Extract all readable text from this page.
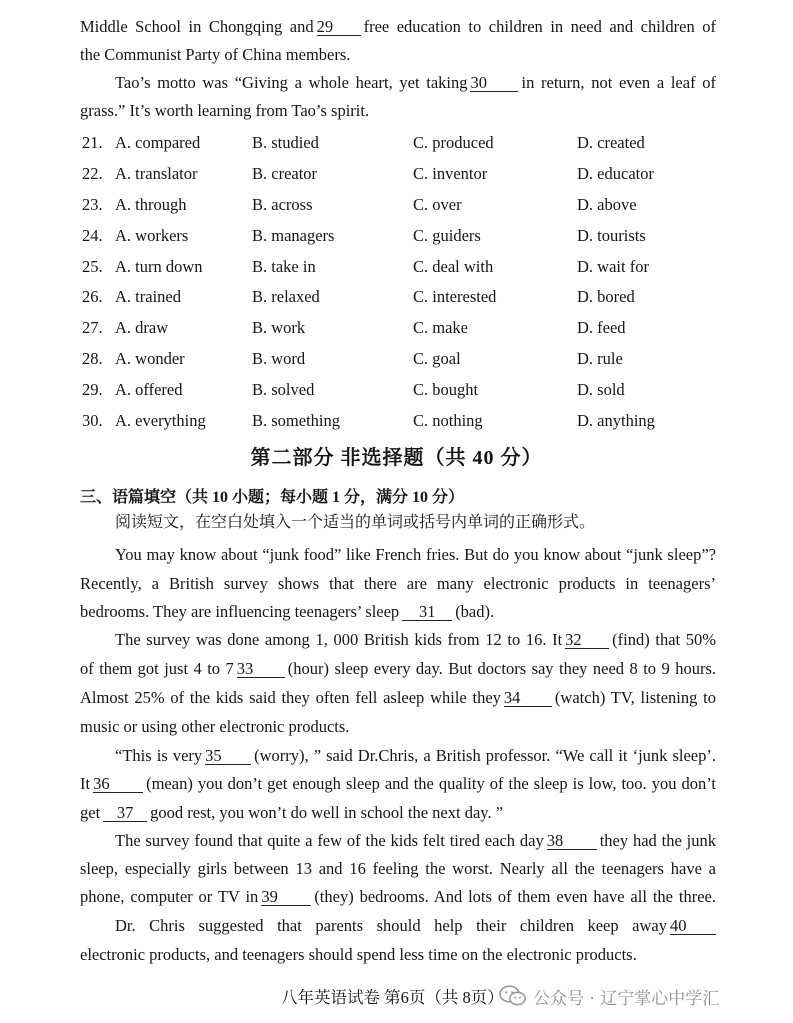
Middle School in Chongqing and 29 free education to children in need and children of
the Communist Party of China members.
Tao’s motto was “Giving a whole heart, yet taking 30 in return, not even a leaf of
grass.” It’s worth learning from Tao’s spirit.
21. A. compared	B. studied	C. produced	D. created
22. A. translator	B. creator	C. inventor	D. educator
23. A. through	B. across	C. over	D. above
24. A. workers	B. managers	C. guiders	D. tourists
25. A. turn down	B. take in	C. deal with	D. wait for
26. A. trained	B. relaxed	C. interested	D. bored
27. A. draw	B. work	C. make	D. feed
28. A. wonder	B. word	C. goal	D. rule
29. A. offered	B. solved	C. bought	D. sold
30. A. everything	B. something	C. nothing	D. anything
第二部分 非选择题（共 40 分）
三、语篇填空（共 10 小题；每小题 1 分，满分 10 分）
阅读短文，在空白处填入一个适当的单词或括号内单词的正确形式。
You may know about “junk food” like French fries. But do you know about “junk sleep”?
Recently, a British survey shows that there are many electronic products in teenagers’
bedrooms. They are influencing teenagers’ sleep 31 (bad).
The survey was done among 1, 000 British kids from 12 to 16. It 32 (find) that 50%
of them got just 4 to 7 33 (hour) sleep every day. But doctors say they need 8 to 9 hours.
Almost 25% of the kids said they often fell asleep while they 34 (watch) TV, listening to
music or using other electronic products.
“This is very 35 (worry), ” said Dr.Chris, a British professor. “We call it ‘junk sleep’.
It 36 (mean) you don’t get enough sleep and the quality of the sleep is low, too. you don’t
get 37 good rest, you won’t do well in school the next day. ”
The survey found that quite a few of the kids felt tired each day 38 they had the junk
sleep, especially girls between 13 and 16 feeling the worst. Nearly all the teenagers have a
phone, computer or TV in 39 (they) bedrooms. And lots of them even have all the three.
Dr. Chris suggested that parents should help their children keep away 40
electronic products, and teenagers should spend less time on the electronic products.
八年英语试卷 第6页（共 8页） 公众号 · 辽宁掌心中学汇
